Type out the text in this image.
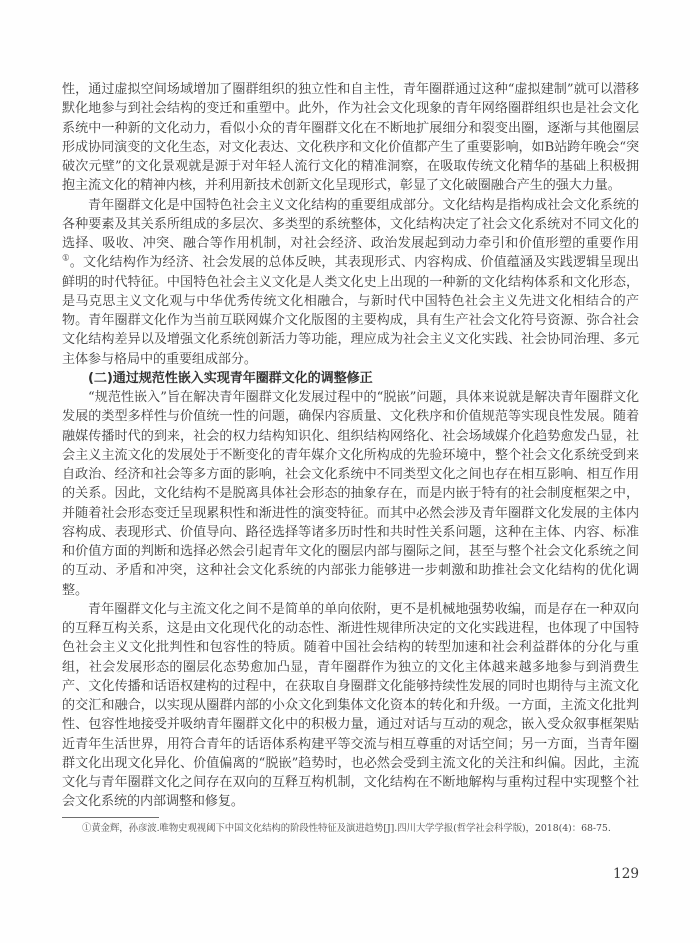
性，通过虚拟空间场域增加了圈群组织的独立性和自主性，青年圈群通过这种“虚拟建制”就可以潜移默化地参与到社会结构的变迁和重塑中。此外，作为社会文化现象的青年网络圈群组织也是社会文化系统中一种新的文化动力，看似小众的青年圈群文化在不断地扩展细分和裂变出圈，逐渐与其他圈层形成协同演变的文化生态，对文化表达、文化秩序和文化价值都产生了重要影响，如B站跨年晚会“突破次元壁”的文化景观就是源于对年轻人流行文化的精准洞察，在吸取传统文化精华的基础上积极拥抱主流文化的精神内核，并利用新技术创新文化呈现形式，彰显了文化破圈融合产生的强大力量。

青年圈群文化是中国特色社会主义文化结构的重要组成部分。文化结构是指构成社会文化系统的各种要素及其关系所组成的多层次、多类型的系统整体，文化结构决定了社会文化系统对不同文化的选择、吸收、冲突、融合等作用机制，对社会经济、政治发展起到动力牵引和价值形塑的重要作用①。文化结构作为经济、社会发展的总体反映，其表现形式、内容构成、价值蕴涵及实践逻辑呈现出鲜明的时代特征。中国特色社会主义文化是人类文化史上出现的一种新的文化结构体系和文化形态，是马克思主义文化观与中华优秀传统文化相融合，与新时代中国特色社会主义先进文化相结合的产物。青年圈群文化作为当前互联网媒介文化版图的主要构成，具有生产社会文化符号资源、弥合社会文化结构差异以及增强文化系统创新活力等功能，理应成为社会主义文化实践、社会协同治理、多元主体参与格局中的重要组成部分。

(二)通过规范性嵌入实现青年圈群文化的调整修正

“规范性嵌入”旨在解决青年圈群文化发展过程中的“脱嵌”问题，具体来说就是解决青年圈群文化发展的类型多样性与价值统一性的问题，确保内容质量、文化秩序和价值规范等实现良性发展。随着融媒传播时代的到来，社会的权力结构知识化、组织结构网络化、社会场域媒介化趋势愈发凸显，社会主义主流文化的发展处于不断变化的青年媒介文化所构成的先验环境中，整个社会文化系统受到来自政治、经济和社会等多方面的影响，社会文化系统中不同类型文化之间也存在相互影响、相互作用的关系。因此，文化结构不是脱离具体社会形态的抽象存在，而是内嵌于特有的社会制度框架之中，并随着社会形态变迁呈现累积性和渐进性的演变特征。而其中必然会涉及青年圈群文化发展的主体内容构成、表现形式、价值导向、路径选择等诸多历时性和共时性关系问题，这种在主体、内容、标准和价值方面的判断和选择必然会引起青年文化的圈层内部与圈际之间，甚至与整个社会文化系统之间的互动、矛盾和冲突，这种社会文化系统的内部张力能够进一步刺激和助推社会文化结构的优化调整。

青年圈群文化与主流文化之间不是简单的单向依附，更不是机械地强势收编，而是存在一种双向的互释互构关系，这是由文化现代化的动态性、渐进性规律所决定的文化实践进程，也体现了中国特色社会主义文化批判性和包容性的特质。随着中国社会结构的转型加速和社会利益群体的分化与重组，社会发展形态的圈层化态势愈加凸显，青年圈群作为独立的文化主体越来越多地参与到消费生产、文化传播和话语权建构的过程中，在获取自身圈群文化能够持续性发展的同时也期待与主流文化的交汇和融合，以实现从圈群内部的小众文化到集体文化资本的转化和升级。一方面，主流文化批判性、包容性地接受并吸纳青年圈群文化中的积极力量，通过对话与互动的观念，嵌入受众叙事框架贴近青年生活世界，用符合青年的话语体系构建平等交流与相互尊重的对话空间；另一方面，当青年圈群文化出现文化异化、价值偏离的“脱嵌”趋势时，也必然会受到主流文化的关注和纠偏。因此，主流文化与青年圈群文化之间存在双向的互释互构机制，文化结构在不断地解构与重构过程中实现整个社会文化系统的内部调整和修复。

①黄金辉，孙彦波.唯物史观视阈下中国文化结构的阶段性特征及演进趋势[J].四川大学学报(哲学社会科学版)，2018(4)：68-75.

129
